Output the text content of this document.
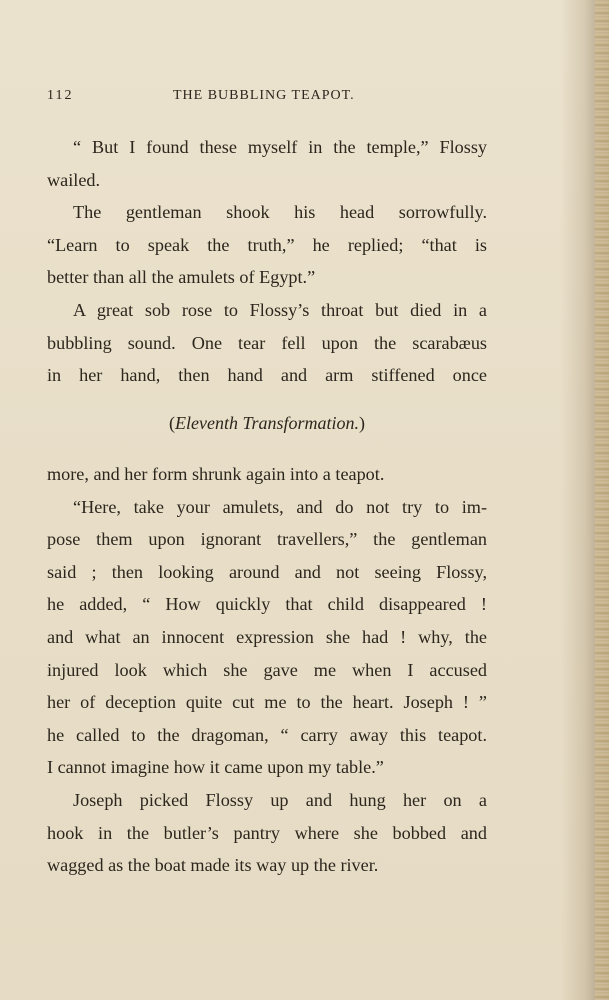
112	THE BUBBLING TEAPOT.
“ But I found these myself in the temple,” Flossy
wailed.
The gentleman shook his head sorrowfully.
“Learn to speak the truth,” he replied; “that is
better than all the amulets of Egypt.”
A great sob rose to Flossy’s throat but died in a
bubbling sound. One tear fell upon the scarabæus
in her hand, then hand and arm stiffened once
(Eleventh Transformation.)
more, and her form shrunk again into a teapot.
“Here, take your amulets, and do not try to im-
pose them upon ignorant travellers,” the gentleman
said ; then looking around and not seeing Flossy,
he added, “ How quickly that child disappeared !
and what an innocent expression she had ! why, the
injured look which she gave me when I accused
her of deception quite cut me to the heart. Joseph ! ”
he called to the dragoman, “ carry away this teapot.
I cannot imagine how it came upon my table.”
Joseph picked Flossy up and hung her on a
hook in the butler’s pantry where she bobbed and
wagged as the boat made its way up the river.
